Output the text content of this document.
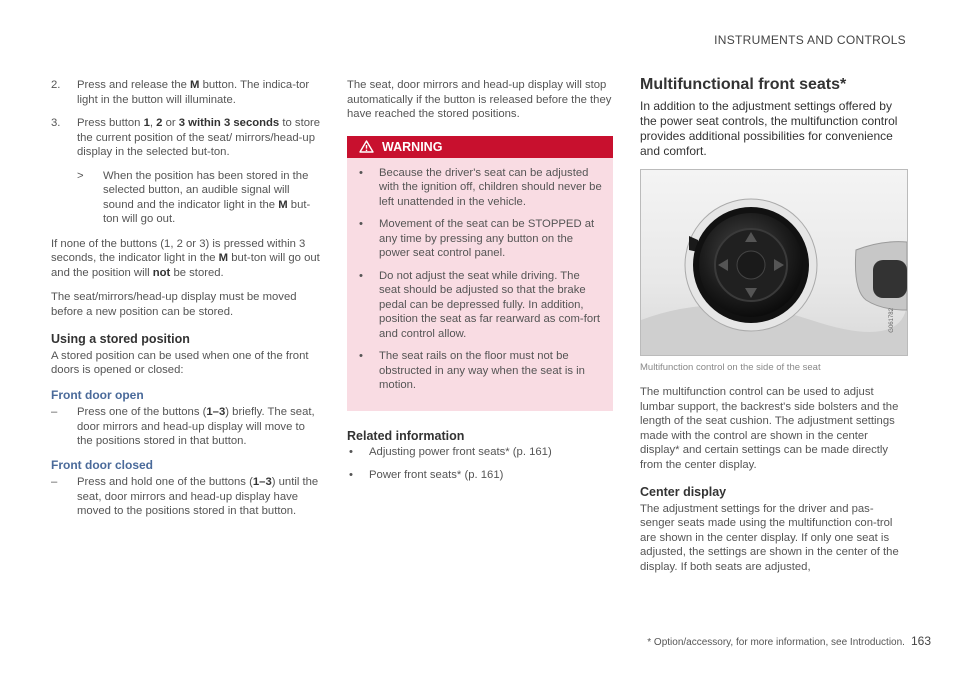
INSTRUMENTS AND CONTROLS
2. Press and release the M button. The indica-tor light in the button will illuminate.
3. Press button 1, 2 or 3 within 3 seconds to store the current position of the seat/ mirrors/head-up display in the selected but-ton.
> When the position has been stored in the selected button, an audible signal will sound and the indicator light in the M but-ton will go out.

If none of the buttons (1, 2 or 3) is pressed within 3 seconds, the indicator light in the M but-ton will go out and the position will not be stored.

The seat/mirrors/head-up display must be moved before a new position can be stored.

Using a stored position

A stored position can be used when one of the front doors is opened or closed:

Front door open
– Press one of the buttons (1–3) briefly. The seat, door mirrors and head-up display will move to the positions stored in that button.
Front door closed
– Press and hold one of the buttons (1–3) until the seat, door mirrors and head-up display have moved to the positions stored in that button.

The seat, door mirrors and head-up display will stop automatically if the button is released before the they have reached the stored positions.

WARNING
• Because the driver's seat can be adjusted with the ignition off, children should never be left unattended in the vehicle.
• Movement of the seat can be STOPPED at any time by pressing any button on the power seat control panel.
• Do not adjust the seat while driving. The seat should be adjusted so that the brake pedal can be depressed fully. In addition, position the seat as far rearward as com-fort and control allow.
• The seat rails on the floor must not be obstructed in any way when the seat is in motion.
Related information
• Adjusting power front seats* (p. 161)
• Power front seats* (p. 161)
Multifunctional front seats*

In addition to the adjustment settings offered by the power seat controls, the multifunction control provides additional possibilities for convenience and comfort.

G061782
Multifunction control on the side of the seat

The multifunction control can be used to adjust lumbar support, the backrest's side bolsters and the length of the seat cushion. The adjustment settings made with the control are shown in the center display* and certain settings can be made directly from the center display.

Center display

The adjustment settings for the driver and pas-senger seats made using the multifunction con-trol are shown in the center display. If only one seat is adjusted, the settings are shown in the center of the display. If both seats are adjusted,

* Option/accessory, for more information, see Introduction. 163
